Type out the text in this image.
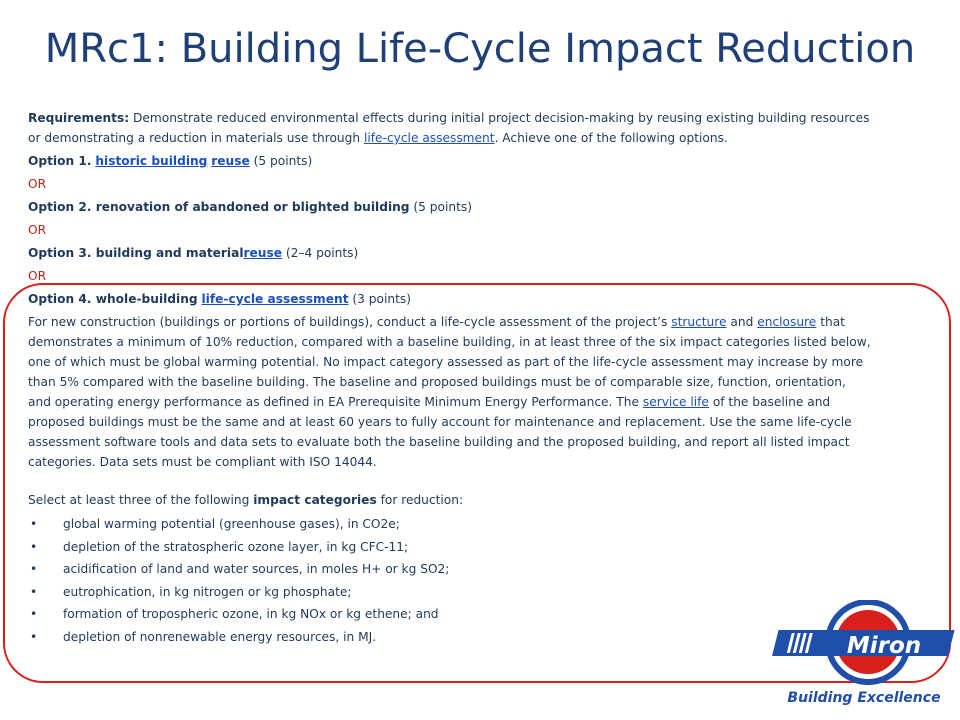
MRc1: Building Life-Cycle Impact Reduction
Requirements: Demonstrate reduced environmental effects during initial project decision-making by reusing existing building resources
or demonstrating a reduction in materials use through life-cycle assessment. Achieve one of the following options.
Option 1. historic building reuse (5 points)
OR
Option 2. renovation of abandoned or blighted building (5 points)
OR
Option 3. building and materialreuse (2–4 points)
OR
Option 4. whole-building life-cycle assessment (3 points)
For new construction (buildings or portions of buildings), conduct a life-cycle assessment of the project’s structure and enclosure that
demonstrates a minimum of 10% reduction, compared with a baseline building, in at least three of the six impact categories listed below,
one of which must be global warming potential. No impact category assessed as part of the life-cycle assessment may increase by more
than 5% compared with the baseline building. The baseline and proposed buildings must be of comparable size, function, orientation,
and operating energy performance as defined in EA Prerequisite Minimum Energy Performance. The service life of the baseline and
proposed buildings must be the same and at least 60 years to fully account for maintenance and replacement. Use the same life-cycle
assessment software tools and data sets to evaluate both the baseline building and the proposed building, and report all listed impact
categories. Data sets must be compliant with ISO 14044.
Select at least three of the following impact categories for reduction:
• global warming potential (greenhouse gases), in CO2e;
• depletion of the stratospheric ozone layer, in kg CFC-11;
• acidification of land and water sources, in moles H+ or kg SO2;
• eutrophication, in kg nitrogen or kg phosphate;
• formation of tropospheric ozone, in kg NOx or kg ethene; and
• depletion of nonrenewable energy resources, in MJ.	Miron
Building Excellence
